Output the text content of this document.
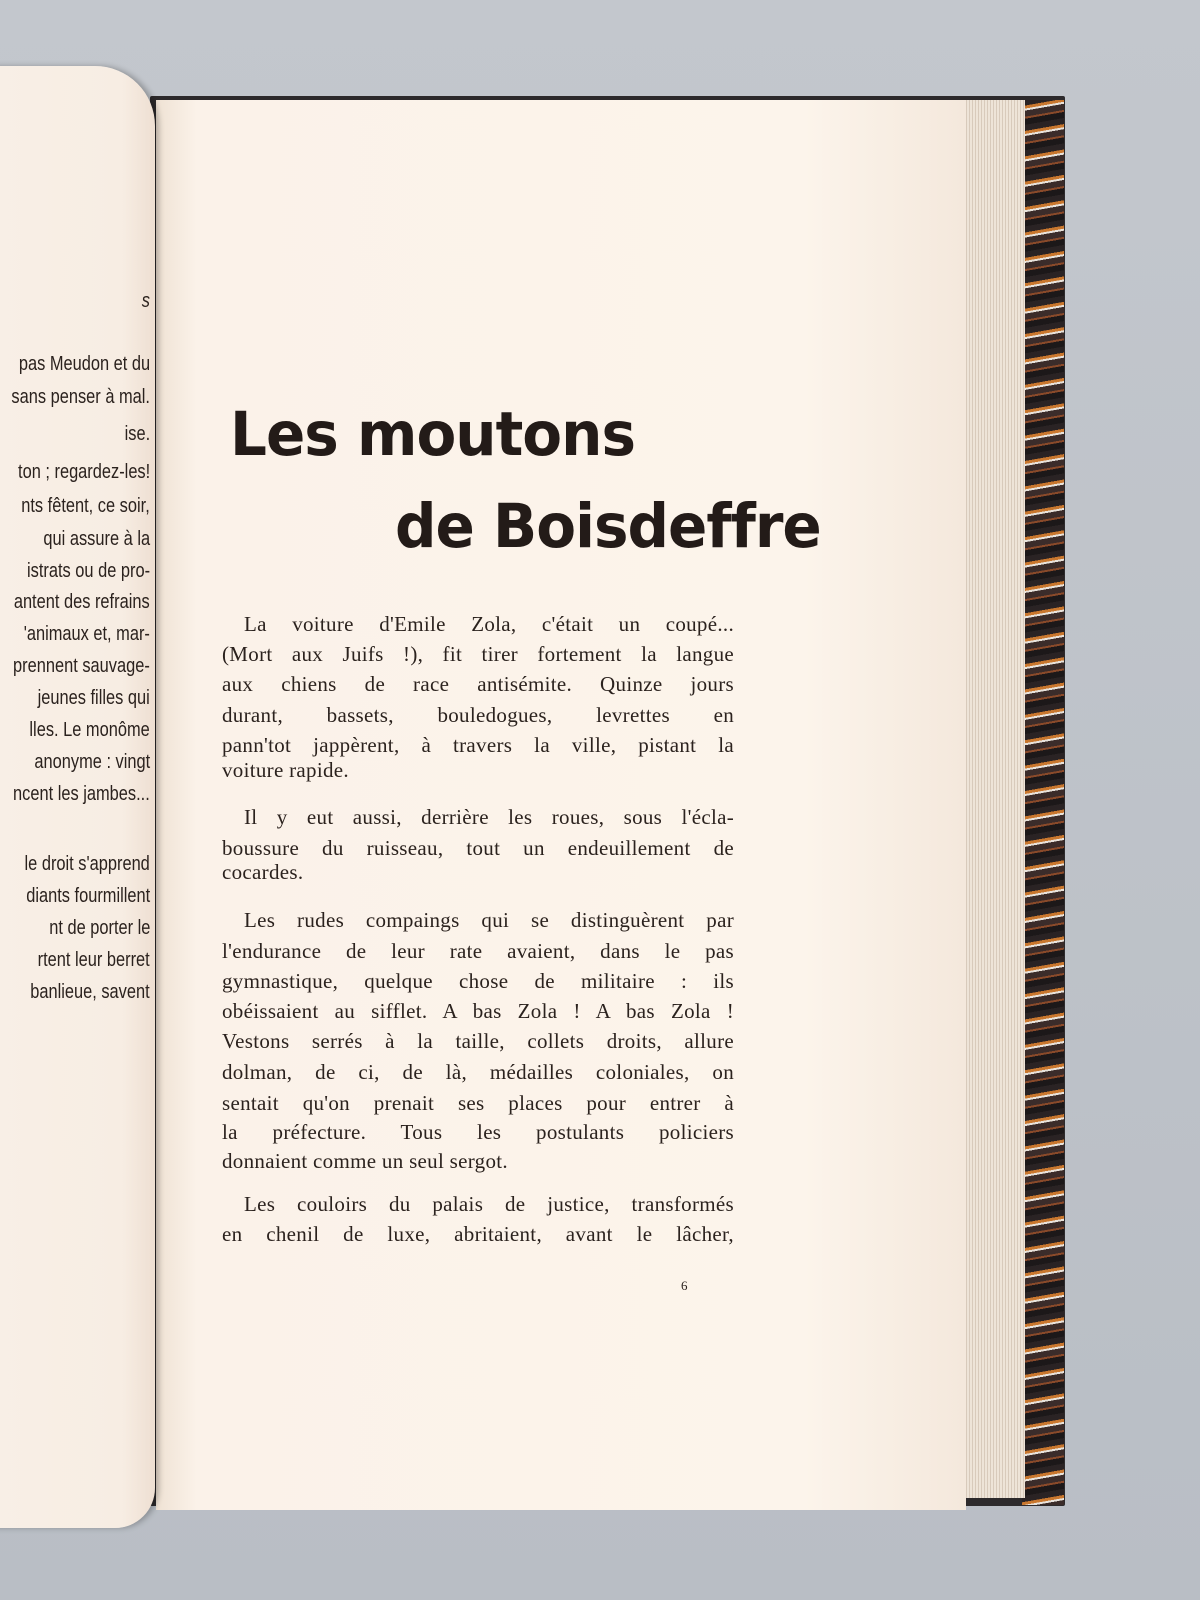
s
pas Meudon et du
sans penser à mal.
ise.
ton ; regardez-les!
nts fêtent, ce soir,
qui assure à la
istrats ou de pro-
antent des refrains
'animaux et, mar-
prennent sauvage-
jeunes filles qui
lles. Le monôme
anonyme : vingt
ncent les jambes...
le droit s'apprend
diants fourmillent
nt de porter le
rtent leur berret
banlieue, savent
Les moutons
de Boisdeffre
La voiture d'Emile Zola, c'était un coupé...
(Mort aux Juifs !), fit tirer fortement la langue
aux chiens de race antisémite. Quinze jours
durant, bassets, bouledogues, levrettes en
pann'tot jappèrent, à travers la ville, pistant la
voiture rapide.
Il y eut aussi, derrière les roues, sous l'écla-
boussure du ruisseau, tout un endeuillement de
cocardes.
Les rudes compaings qui se distinguèrent par
l'endurance de leur rate avaient, dans le pas
gymnastique, quelque chose de militaire : ils
obéissaient au sifflet. A bas Zola ! A bas Zola !
Vestons serrés à la taille, collets droits, allure
dolman, de ci, de là, médailles coloniales, on
sentait qu'on prenait ses places pour entrer à
la préfecture. Tous les postulants policiers
donnaient comme un seul sergot.
Les couloirs du palais de justice, transformés
en chenil de luxe, abritaient, avant le lâcher,
6
